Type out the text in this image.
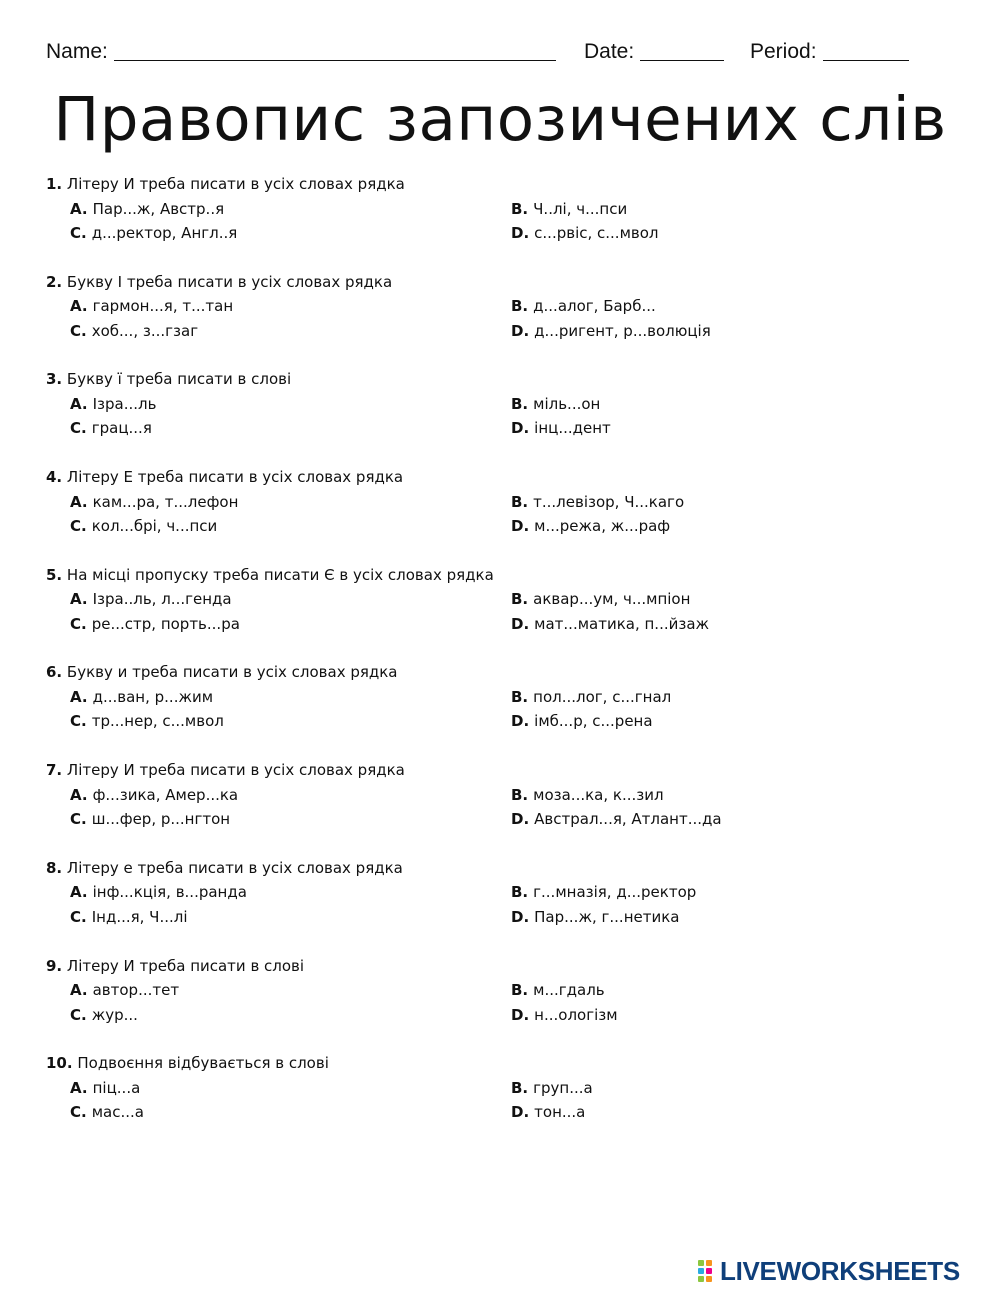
Name:	Date:	Period:
Правопис запозичених слів
1. Літеру И треба писати в усіх словах рядка
A. Пар...ж, Австр..я	B. Ч..лі, ч...пси
C. д...ректор, Англ..я	D. с...рвіс, с...мвол
2. Букву І треба писати в усіх словах рядка
A. гармон...я, т...тан	B. д...алог, Барб...
C. хоб..., з...гзаг	D. д...ригент, р...волюція
3. Букву ї треба писати в слові
A. Ізра...ль	B. міль...он
C. грац...я	D. інц...дент
4. Літеру Е треба писати в усіх словах рядка
A. кам...ра, т...лефон	B. т...левізор, Ч...каго
C. кол...брі, ч...пси	D. м...режа, ж...раф
5. На місці пропуску треба писати Є в усіх словах рядка
A. Ізра..ль, л...генда	B. аквар...ум, ч...мпіон
C. ре...стр, порть...ра	D. мат...матика, п...йзаж
6. Букву и треба писати в усіх словах рядка
A. д...ван, р...жим	B. пол...лог, с...гнал
C. тр...нер, с...мвол	D. імб...р, с...рена
7. Літеру И треба писати в усіх словах рядка
A. ф...зика, Амер...ка	B. моза...ка, к...зил
C. ш...фер, р...нгтон	D. Австрал...я, Атлант...да
8. Літеру е треба писати в усіх словах рядка
A. інф...кція, в...ранда	B. г...мназія, д...ректор
C. Інд...я, Ч...лі	D. Пар...ж, г...нетика
9. Літеру И треба писати в слові
A. автор...тет	B. м...гдаль
C. жур...	D. н...ологізм
10. Подвоєння відбувається в слові
A. піц...а	B. груп...а
C. мас...а	D. тон...а
LIVEWORKSHEETS
